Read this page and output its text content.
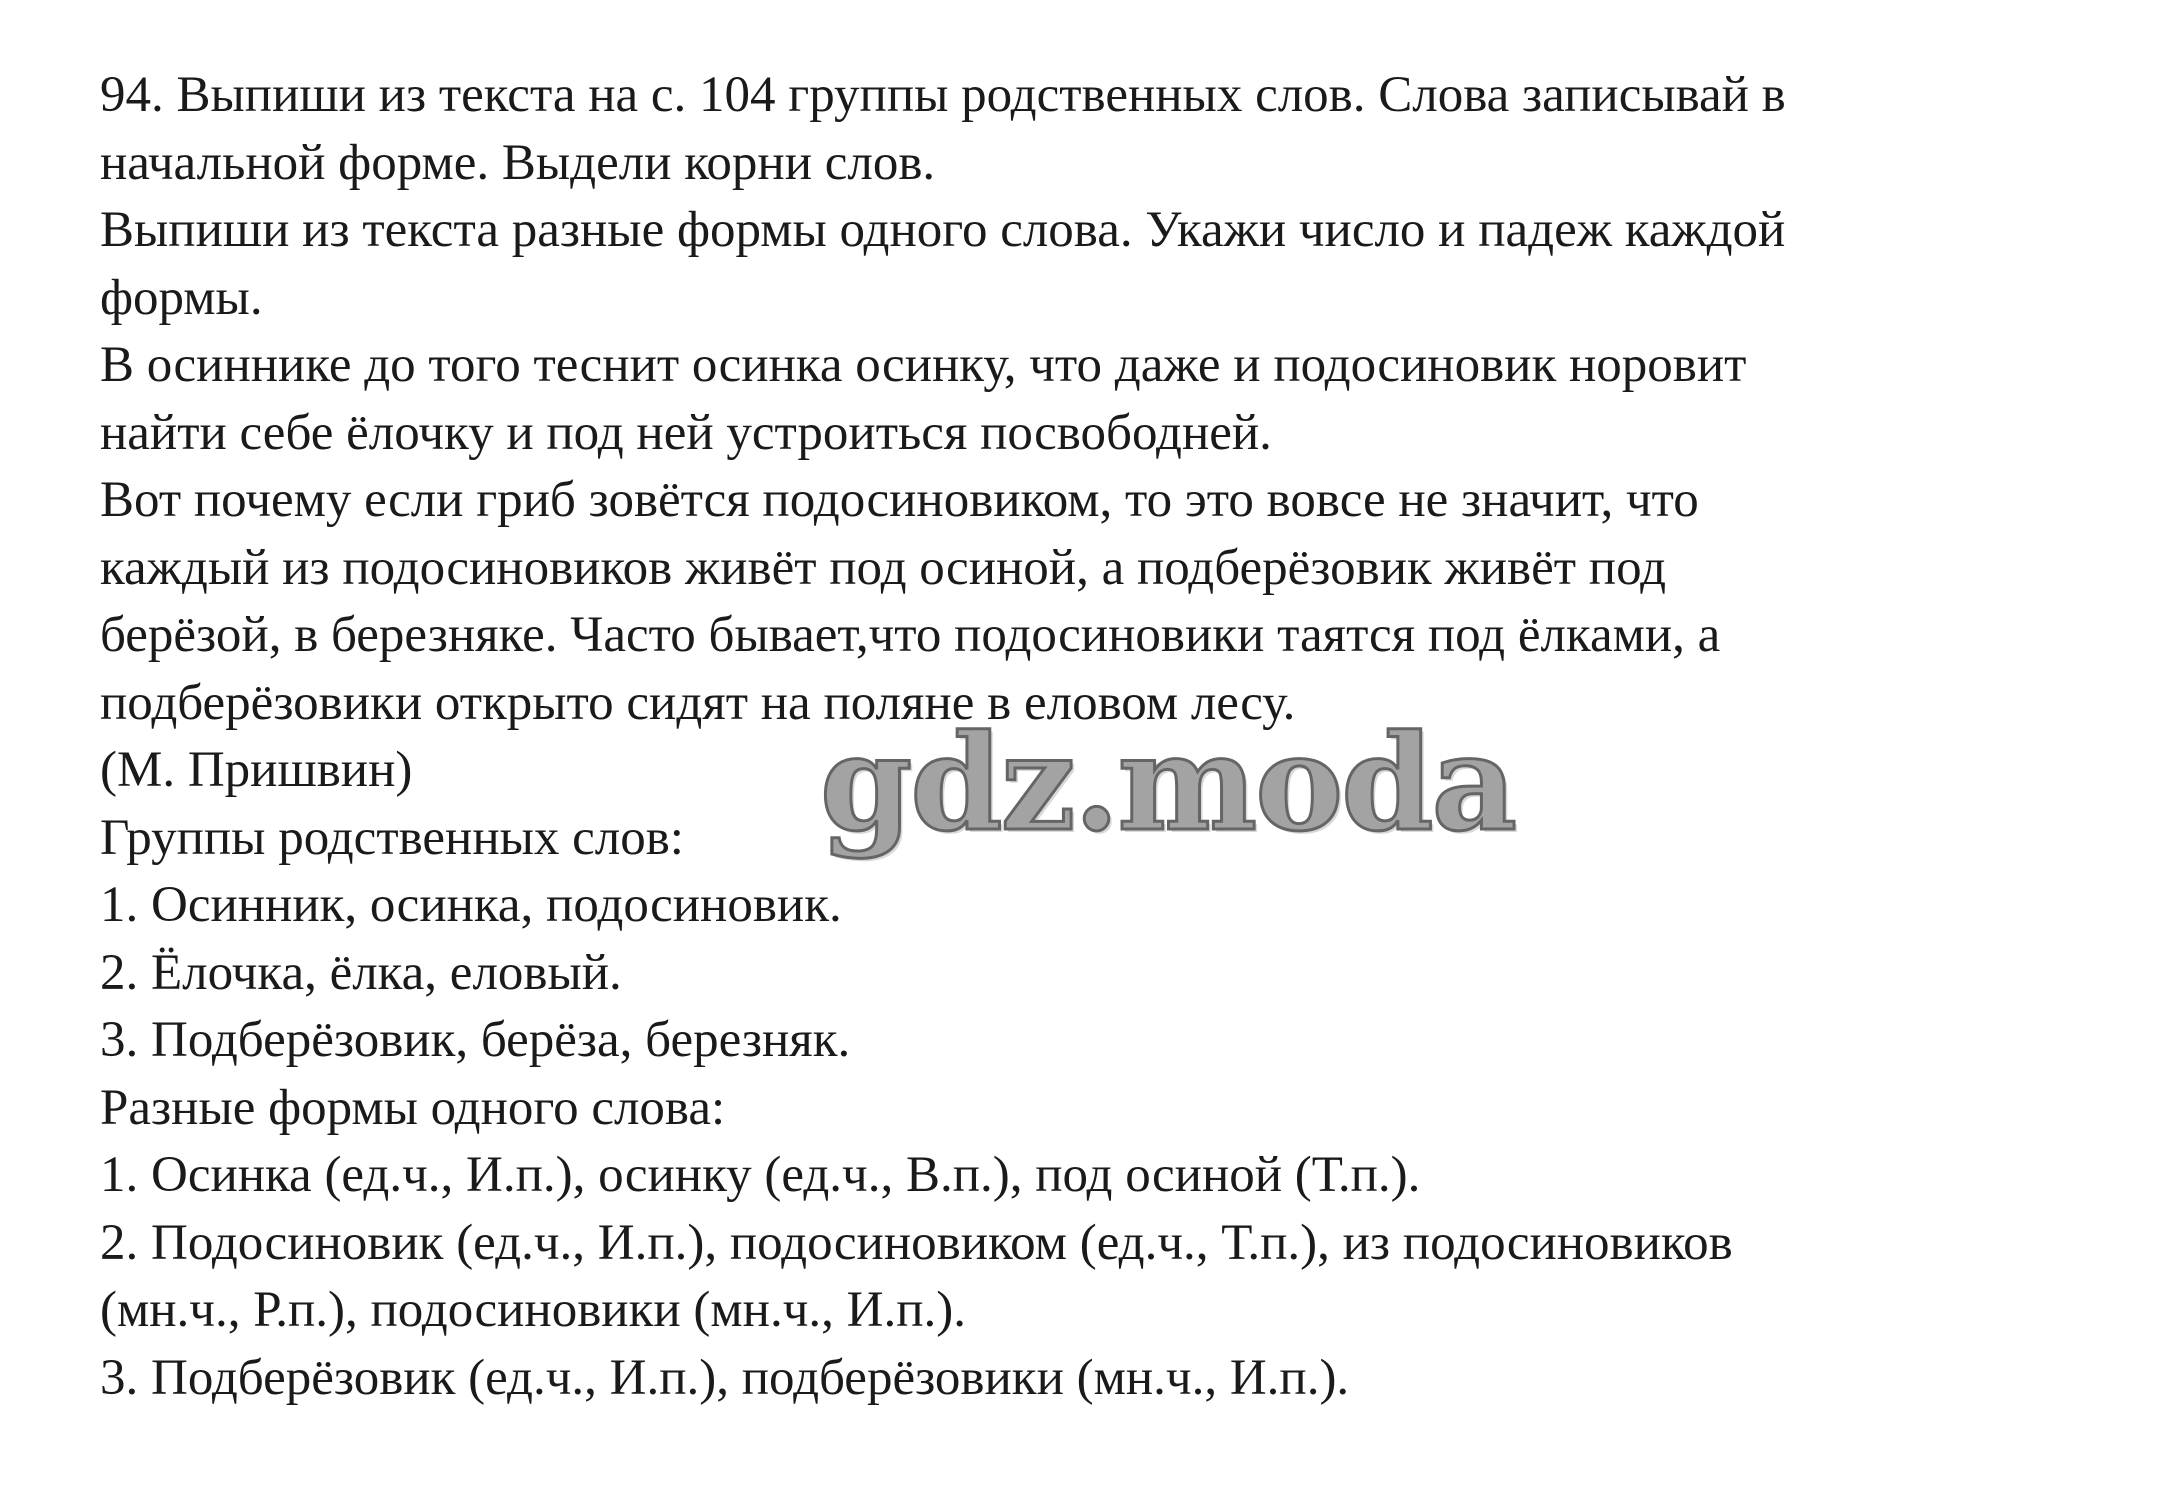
94. Выпиши из текста на с. 104 группы родственных слов. Слова записывай в
начальной форме. Выдели корни слов.
Выпиши из текста разные формы одного слова. Укажи число и падеж каждой
формы.
В осиннике до того теснит осинка осинку, что даже и подосиновик норовит
найти себе ёлочку и под ней устроиться посвободней.
Вот почему если гриб зовётся подосиновиком, то это вовсе не значит, что
каждый из подосиновиков живёт под осиной, а подберёзовик живёт под
берёзой, в березняке. Часто бывает,что подосиновики таятся под ёлками, а
подберёзовики открыто сидят на поляне в еловом лесу.
(М. Пришвин)
Группы родственных слов:
1. Осинник, осинка, подосиновик.
2. Ёлочка, ёлка, еловый.
3. Подберёзовик, берёза, березняк.
Разные формы одного слова:
1. Осинка (ед.ч., И.п.), осинку (ед.ч., В.п.), под осиной (Т.п.).
2. Подосиновик (ед.ч., И.п.), подосиновиком (ед.ч., Т.п.), из подосиновиков
(мн.ч., Р.п.), подосиновики (мн.ч., И.п.).
3. Подберёзовик (ед.ч., И.п.), подберёзовики (мн.ч., И.п.).
gdz.moda
